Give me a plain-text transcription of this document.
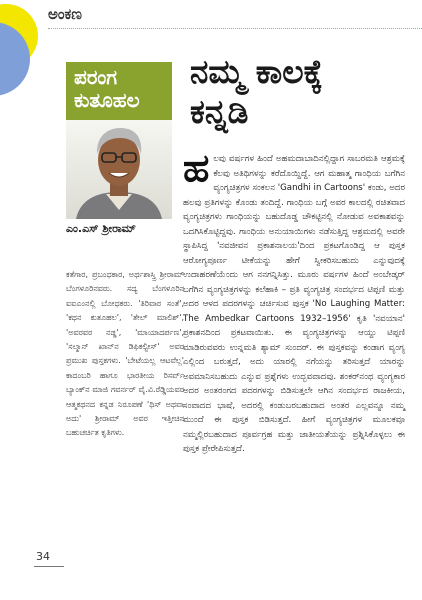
ಅಂಕಣ
ಪರಂಗ
ಕುತೂಹಲ
ಎಂ.ಎಸ್ ಶ್ರೀರಾಮ್
ಕತೆಗಾರ, ಪ್ರಬಂಧಕಾರ, ಅರ್ಥಶಾಸ್ತ್ರಿ ಶ್ರೀರಾಮ್ ಬೆಂಗಳೂರಿನವರು. ಸದ್ಯ ಬೆಂಗಳೂರಿನ ಐಐಎಂನಲ್ಲಿ ಬೋಧಕರು. 'ತಿರಿವಾರ ಸಂತೆ', 'ಕಥನ ಕುತೂಹಲ', 'ತೇಲ್ ಮಾಲಿಶ್', 'ಅವರವರ ನಡ್ಡ', 'ಮಾಯಾದರ್ಪಣ', 'ಸಲ್ಮಾನ್ ಖಾನ್‌ನ ಡಿಫಿಕಲ್ಟೀಸ್' ಅವರ ಪ್ರಮುಖ ಪುಸ್ತಕಗಳು. 'ಬೇಟೆಯಲ್ಲ ಆಟವೆಲ್ಲ' ಕಾದಂಬರಿ ಹಾಗೂ ಭಾರತೀಯ ರಿಸರ್ವ್ ಬ್ಯಾಂಕ್‌ನ ಮಾಜಿ ಗವರ್ನರ್ ವೈ.ವಿ.ರೆಡ್ಡಿಯವರ ಆತ್ಮಕಥನದ ಕನ್ನಡ ನಿರೂಪಣೆ 'ಥಿಸ್ ಅಥವಾ ಅದು' ಶ್ರೀರಾಮ್ ಅವರ ಇತ್ತೀಚಿನ ಬಹುಚರ್ಚಿತ ಕೃತಿಗಳು.
ನಮ್ಮ ಕಾಲಕ್ಕೆ
ಕನ್ನಡಿ
ಹ ಲವು ವರ್ಷಗಳ ಹಿಂದೆ ಅಹಮದಾಬಾದಿನಲ್ಲಿದ್ದಾಗ ಸಾಬರಮತಿ ಆಶ್ರಮಕ್ಕೆ ಕೆಲವು ಅತಿಥಿಗಳನ್ನು ಕರೆದೊಯ್ದಿದ್ದೆ. ಆಗ ಮಹಾತ್ಮ ಗಾಂಧಿಯ ಬಗೆಗಿನ ವ್ಯಂಗ್ಯಚಿತ್ರಗಳ ಸಂಕಲನ 'Gandhi in Cartoons' ಕಂಡು, ಅದರ ಹಲವು ಪ್ರತಿಗಳನ್ನು ಕೊಂಡು ತಂದಿದ್ದೆ. ಗಾಂಧಿಯ ಬಗ್ಗೆ ಅವರ ಕಾಲದಲ್ಲಿ ರಚಿತವಾದ ವ್ಯಂಗ್ಯಚಿತ್ರಗಳು ಗಾಂಧಿಯನ್ನು ಬಹುದೊಡ್ಡ ಚೌಕಟ್ಟಿನಲ್ಲಿ ನೋಡುವ ಅವಕಾಶವನ್ನು ಒದಗಿಸಿಕೊಟ್ಟಿದ್ದವು. ಗಾಂಧಿಯ ಅನುಯಾಯಿಗಳು ನಡೆಸುತ್ತಿದ್ದ ಆಶ್ರಮದಲ್ಲಿ ಅವರೇ ಸ್ಥಾಪಿಸಿದ್ದ 'ನವಜೀವನ ಪ್ರಕಾಶನಾಲಯ'ದಿಂದ ಪ್ರಕಟಗೊಂಡಿದ್ದ ಆ ಪುಸ್ತಕ ಆರೋಗ್ಯಪೂರ್ಣ ಟೀಕೆಯನ್ನು ಹೇಗೆ ಸ್ವೀಕರಿಸಬಹುದು ಎನ್ನುವುದಕ್ಕೆ ಉದಾಹರಣೆಯೆಂದು ಆಗ ನನಗನ್ನಿಸಿತ್ತು. ಮೂರು ವರ್ಷಗಳ ಹಿಂದೆ ಅಂಬೇಡ್ಕರ್ ಬಗೆಗಿನ ವ್ಯಂಗ್ಯಚಿತ್ರಗಳನ್ನು ಕಲೆಹಾಕಿ – ಪ್ರತಿ ವ್ಯಂಗ್ಯಚಿತ್ರ ಸಂದರ್ಭದ ಟಿಪ್ಪಣಿ ಮತ್ತು ಅದರ ಆಳದ ಪದರಗಳನ್ನು ಚರ್ಚಿಸುವ ಪುಸ್ತಕ 'No Laughing Matter: The Ambedkar Cartoons 1932–1956' ಕೃತಿ 'ನವಯಾನ' ಪ್ರಕಾಶನದಿಂದ ಪ್ರಕಟವಾಯಿತು. ಈ ವ್ಯಂಗ್ಯಚಿತ್ರಗಳನ್ನು ಆಯ್ದು ಟಿಪ್ಪಣಿ ಮಾಡಿರುವವರು ಉನ್ನಮತಿ ಶ್ಯಾಮ್ ಸುಂದರ್. ಈ ಪುಸ್ತಕವನ್ನು ಕಂಡಾಗ ವ್ಯಂಗ್ಯ ಎಲ್ಲಿಂದ ಬರುತ್ತದೆ, ಅದು ಯಾರಲ್ಲಿ ನಗೆಯನ್ನು ತರಿಸುತ್ತದೆ ಯಾರನ್ನು ಅವಮಾನಿಸಬಹುದು ಎನ್ನುವ ಪ್ರಶ್ನೆಗಳು ಉದ್ಭವವಾದವು. ಶಂಕರ್‌ನಂಥ ವ್ಯಂಗ್ಯಕಾರ ಅದರ ಅಂತರಂಗದ ಪದರಗಳನ್ನು ಬಿಡಿಸುತ್ತಲೇ ಆಗಿನ ಸಂದರ್ಭದ ರಾಜಕೀಯ, ಸಂವಾದದ ಭಾಷೆ, ಅದರಲ್ಲಿ ಕಂಡುಬರಬಹುದಾದ ಅಂತರ ಎಲ್ಲವನ್ನೂ ನಮ್ಮ ಮುಂದೆ ಈ ಪುಸ್ತಕ ಬಿಡಿಸುತ್ತದೆ. ಹೀಗೆ ವ್ಯಂಗ್ಯಚಿತ್ರಗಳ ಮೂಲಕವೂ ನಮ್ಮಲ್ಲಿರಬಹುದಾದ ಪೂರ್ವಗ್ರಹ ಮತ್ತು ಜಾತೀಯತೆಯನ್ನು ಪ್ರಶ್ನಿಸಿಕೊಳ್ಳಲು ಈ ಪುಸ್ತಕ ಪ್ರೇರೇಪಿಸುತ್ತದೆ.
34
